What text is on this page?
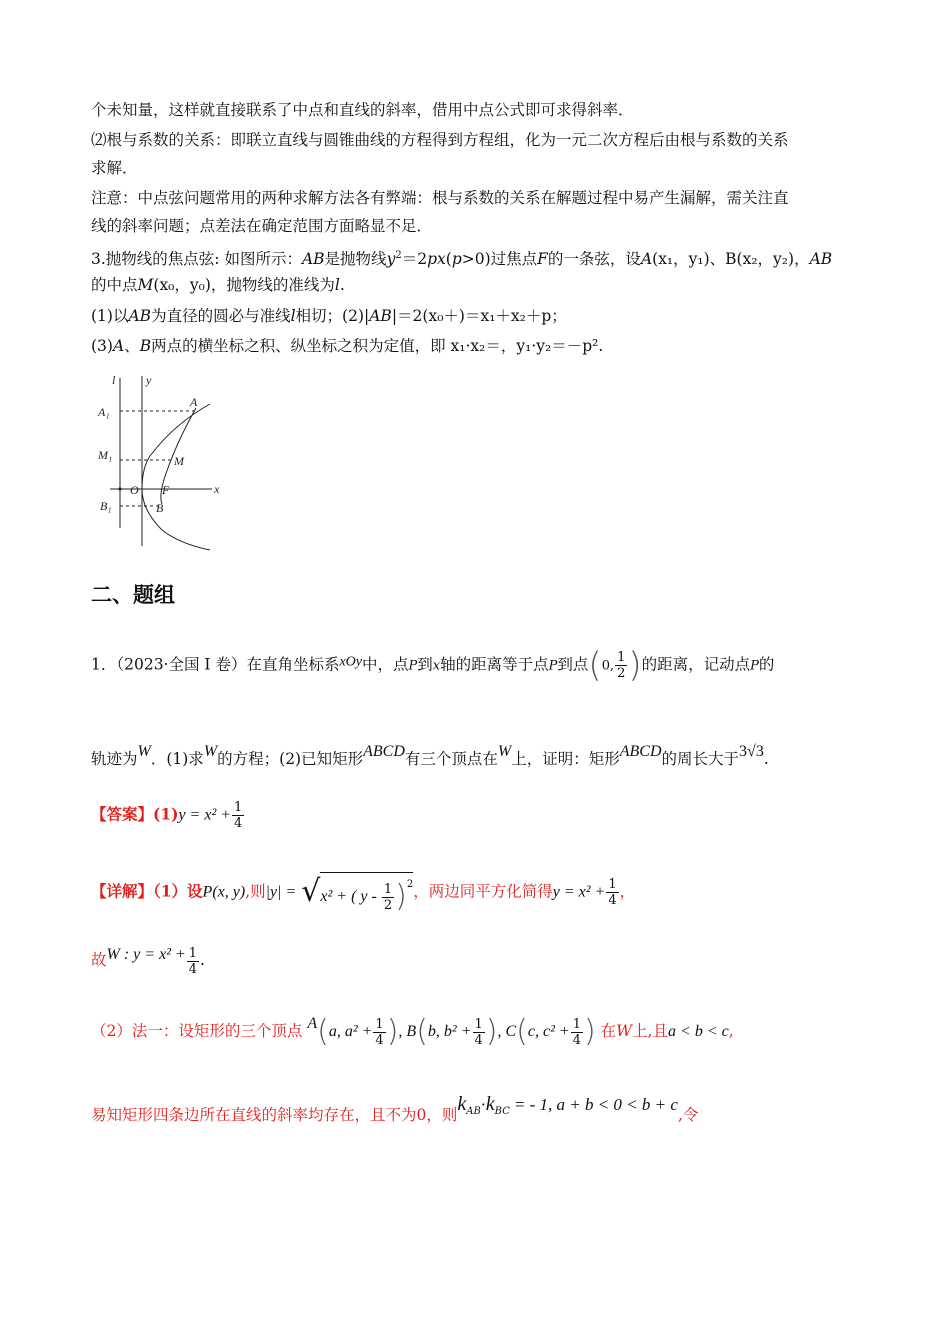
个未知量，这样就直接联系了中点和直线的斜率，借用中点公式即可求得斜率．
⑵根与系数的关系：即联立直线与圆锥曲线的方程得到方程组，化为一元二次方程后由根与系数的关系
求解．
注意：中点弦问题常用的两种求解方法各有弊端：根与系数的关系在解题过程中易产生漏解，需关注直
线的斜率问题；点差法在确定范围方面略显不足．
3.抛物线的焦点弦: 如图所示：AB是抛物线$y^2=2px(p>0)$过焦点F的一条弦，设A(x₁，y₁)、B(x₂，y₂)，AB
的中点M(x₀，y₀)，抛物线的准线为l.
(1)以AB为直径的圆必与准线l相切；(2)|AB|＝2(x₀＋)＝x₁＋x₂＋p；
(3)A、B两点的横坐标之积、纵坐标之积为定值，即 x₁·x₂＝，y₁·y₂＝－p².
l	y
A
A₁
M₁	M
O F	x
B₁	B
二、题组
1．（2023·全国 I 卷）在直角坐标系xOy中，点P到x轴的距离等于点P到点(0, $\frac{1}{2}$ )的距离，记动点P的
轨迹为W．(1)求W的方程；(2)已知矩形ABCD有三个顶点在W上，证明：矩形ABCD的周长大于3√3.
【答案】$(1)y = x^2 + \frac{1}{4}$
【详解】（1）设P(x, y),则|y| = √x² + ( y - $\frac{1}{2} )^2$，两边同平方化简得$y = x^2 + \frac{1}{4}$ ，
故W : $y = x^2 + \frac{1}{4}$ .
（2）法一：设矩形的三个顶点 A(a, $a^2 + \frac{1}{4}$ ), B(b, $b^2 + \frac{1}{4}$ ), C(c, $c^2 + \frac{1}{4}$ ) 在W上,且a < b < c,
易知矩形四条边所在直线的斜率均存在，且不为0，则$k_{AB}\cdot k_{BC}$ = - 1, a + b < 0 < b + c,令
